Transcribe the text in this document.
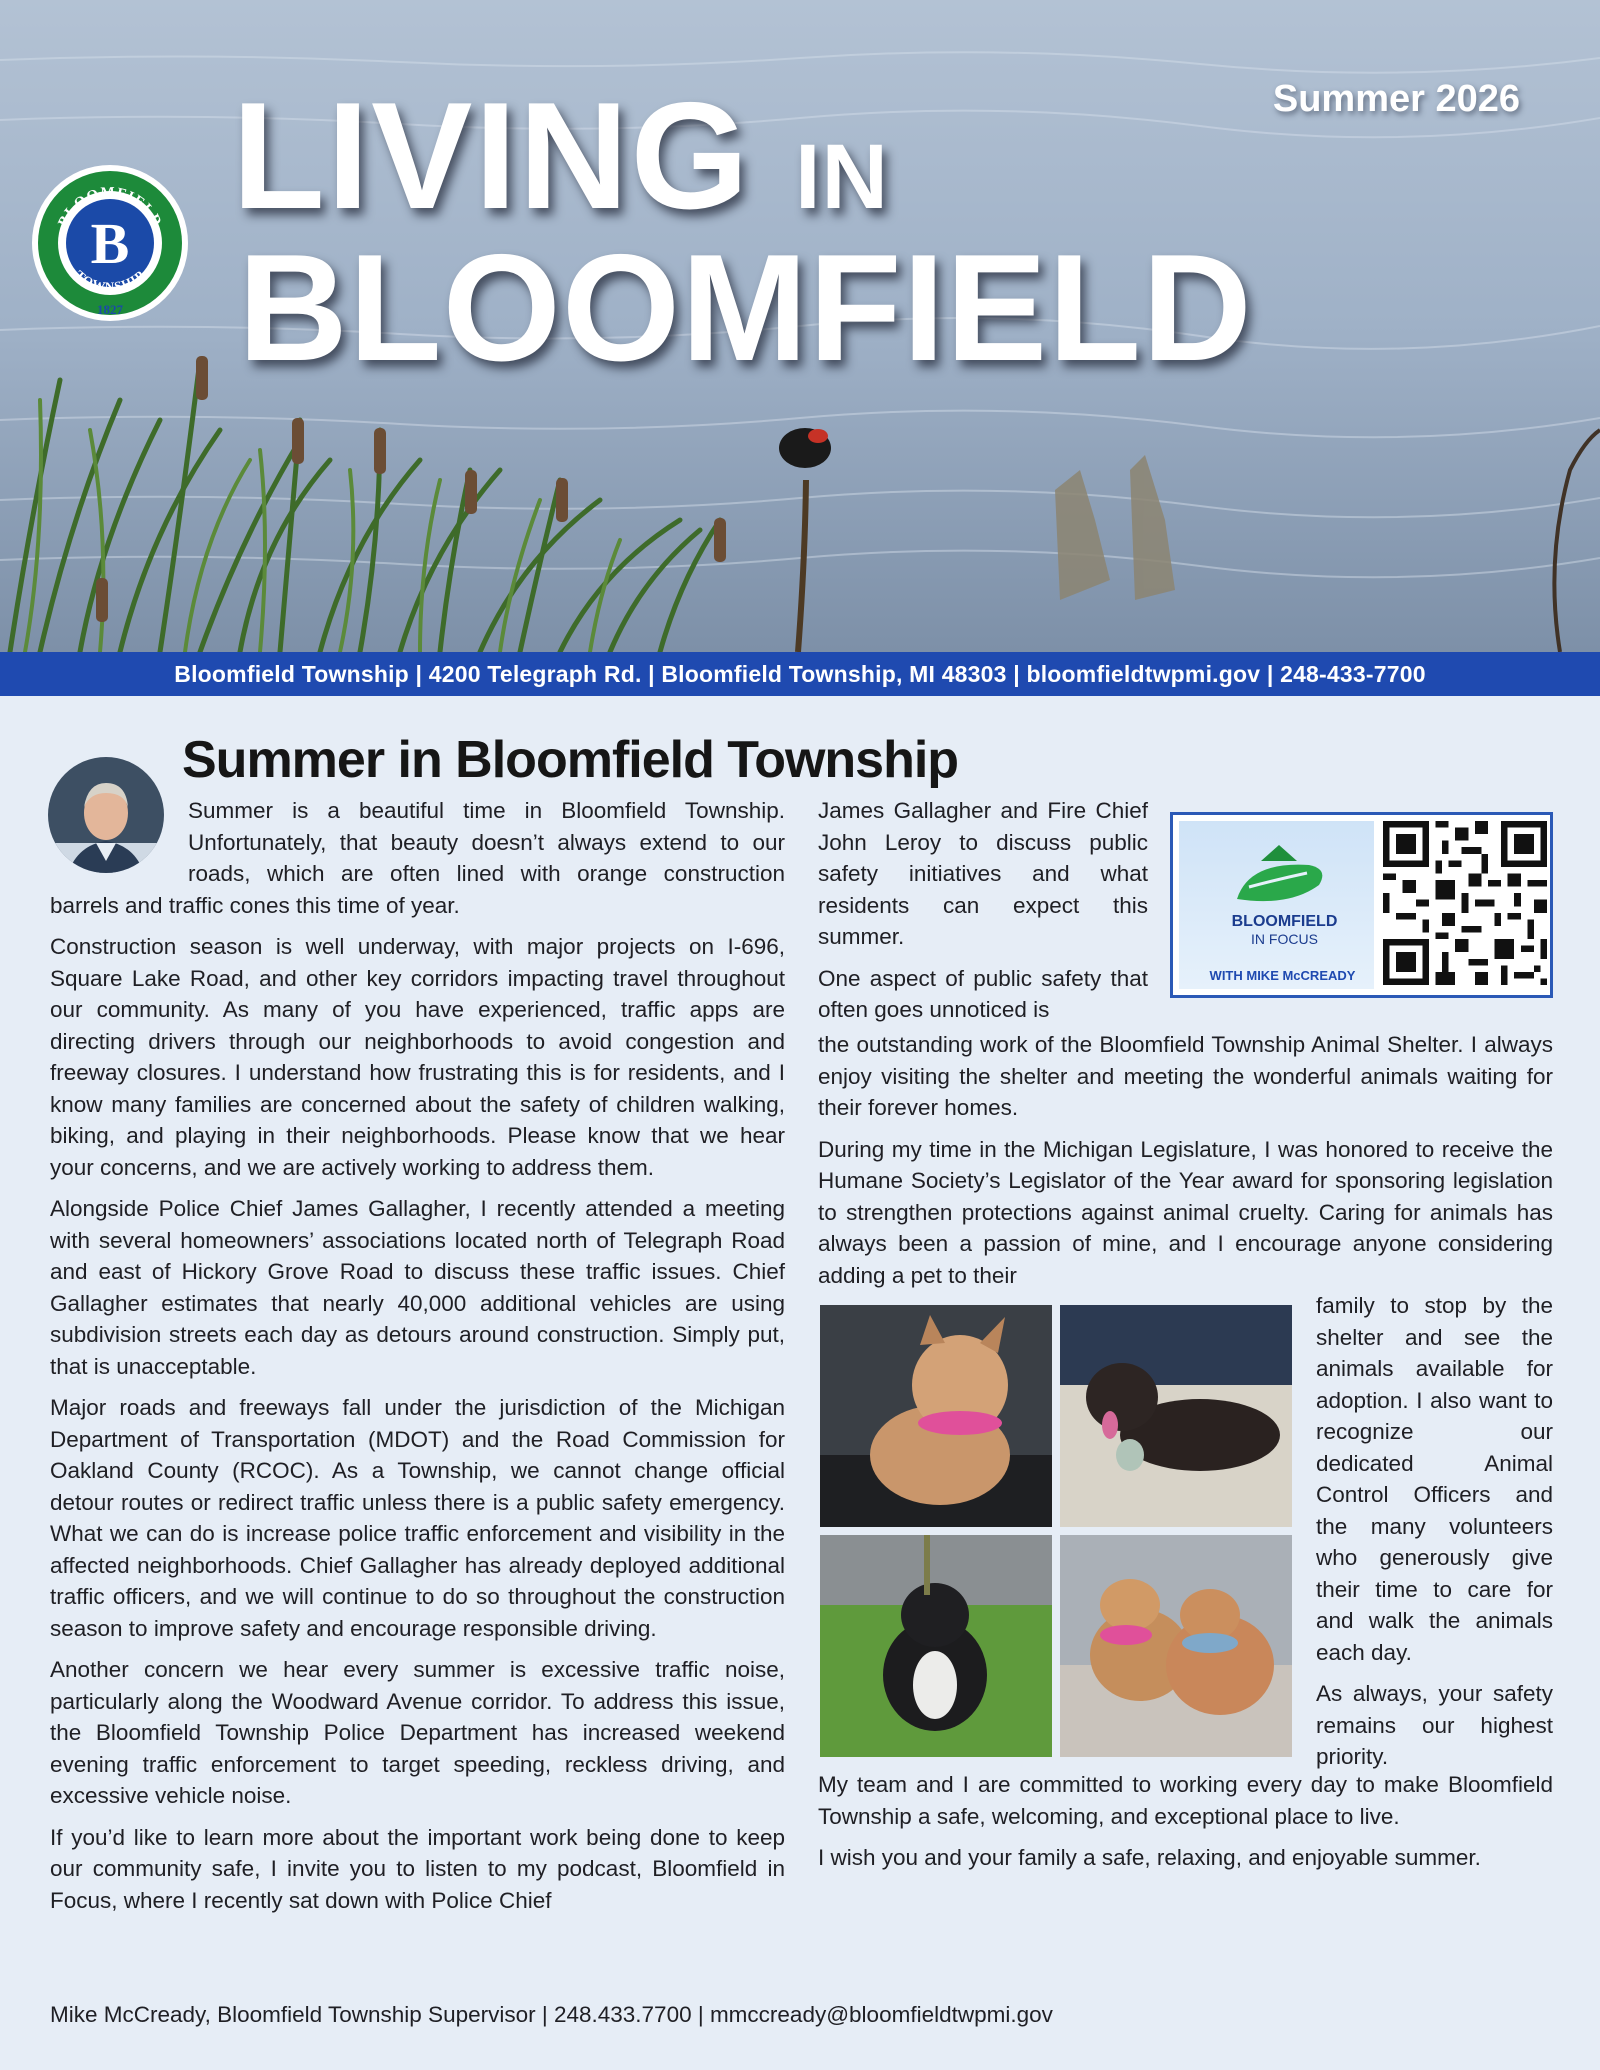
Summer 2026
LIVING IN
BLOOMFIELD
B
BLOOMFIELD
TOWNSHIP
1827
Bloomfield Township | 4200 Telegraph Rd. | Bloomfield Township, MI 48303 | bloomfieldtwpmi.gov | 248-433-7700
Summer in Bloomfield Township

Summer is a beautiful time in Bloomfield Township. Unfortunately, that beauty doesn’t always extend to our roads, which are often lined with orange construction barrels and traffic cones this time of year.

Construction season is well underway, with major projects on I-696, Square Lake Road, and other key corridors impacting travel throughout our community. As many of you have experienced, traffic apps are directing drivers through our neighborhoods to avoid congestion and freeway closures. I understand how frustrating this is for residents, and I know many families are concerned about the safety of children walking, biking, and playing in their neighborhoods. Please know that we hear your concerns, and we are actively working to address them.

Alongside Police Chief James Gallagher, I recently attended a meeting with several homeowners’ associations located north of Telegraph Road and east of Hickory Grove Road to discuss these traffic issues. Chief Gallagher estimates that nearly 40,000 additional vehicles are using subdivision streets each day as detours around construction. Simply put, that is unacceptable.

Major roads and freeways fall under the jurisdiction of the Michigan Department of Transportation (MDOT) and the Road Commission for Oakland County (RCOC). As a Township, we cannot change official detour routes or redirect traffic unless there is a public safety emergency. What we can do is increase police traffic enforcement and visibility in the affected neighborhoods. Chief Gallagher has already deployed additional traffic officers, and we will continue to do so throughout the construction season to improve safety and encourage responsible driving.

Another concern we hear every summer is excessive traffic noise, particularly along the Woodward Avenue corridor. To address this issue, the Bloomfield Township Police Department has increased weekend evening traffic enforcement to target speeding, reckless driving, and excessive vehicle noise.

If you’d like to learn more about the important work being done to keep our community safe, I invite you to listen to my podcast, Bloomfield in Focus, where I recently sat down with Police Chief

James Gallagher and Fire Chief John Leroy to discuss public safety initiatives and what residents can expect this summer.

One aspect of public safety that often goes unnoticed is

BLOOMFIELD
IN FOCUS
WITH MIKE McCREADY

the outstanding work of the Bloomfield Township Animal Shelter. I always enjoy visiting the shelter and meeting the wonderful animals waiting for their forever homes.

During my time in the Michigan Legislature, I was honored to receive the Humane Society’s Legislator of the Year award for sponsoring legislation to strengthen protections against animal cruelty. Caring for animals has always been a passion of mine, and I encourage anyone considering adding a pet to their

family to stop by the shelter and see the animals available for adoption. I also want to recognize our dedicated Animal Control Officers and the many volunteers who generously give their time to care for and walk the animals each day.

As always, your safety remains our highest priority.

My team and I are committed to working every day to make Bloomfield Township a safe, welcoming, and exceptional place to live.

I wish you and your family a safe, relaxing, and enjoyable summer.

Mike McCready, Bloomfield Township Supervisor | 248.433.7700 | mmccready@bloomfieldtwpmi.gov
